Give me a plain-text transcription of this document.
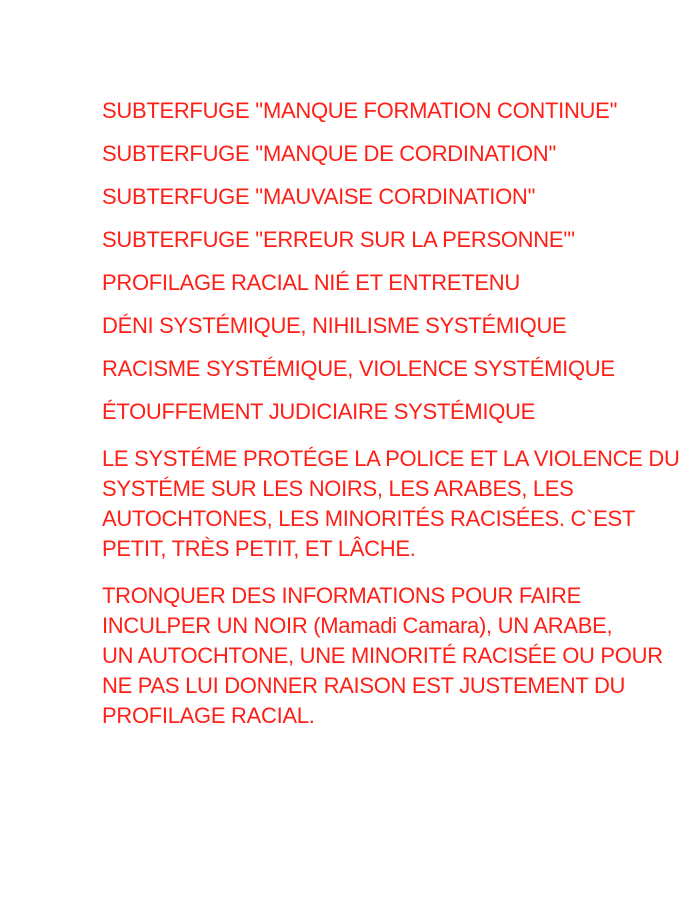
SUBTERFUGE ''MANQUE FORMATION CONTINUE''
SUBTERFUGE ''MANQUE DE CORDINATION''
SUBTERFUGE ''MAUVAISE CORDINATION''
SUBTERFUGE ''ERREUR SUR LA PERSONNE'''
PROFILAGE RACIAL NIÉ ET ENTRETENU
DÉNI SYSTÉMIQUE, NIHILISME SYSTÉMIQUE
RACISME SYSTÉMIQUE, VIOLENCE SYSTÉMIQUE
ÉTOUFFEMENT JUDICIAIRE SYSTÉMIQUE
LE SYSTÉME PROTÉGE LA POLICE ET LA VIOLENCE DU
SYSTÉME SUR LES NOIRS, LES ARABES, LES
AUTOCHTONES, LES MINORITÉS RACISÉES. C`EST
PETIT, TRÈS PETIT, ET LÂCHE.
TRONQUER DES INFORMATIONS POUR FAIRE
INCULPER UN NOIR (Mamadi Camara), UN ARABE,
UN AUTOCHTONE, UNE MINORITÉ RACISÉE OU POUR
NE PAS LUI DONNER RAISON EST JUSTEMENT DU
PROFILAGE RACIAL.
